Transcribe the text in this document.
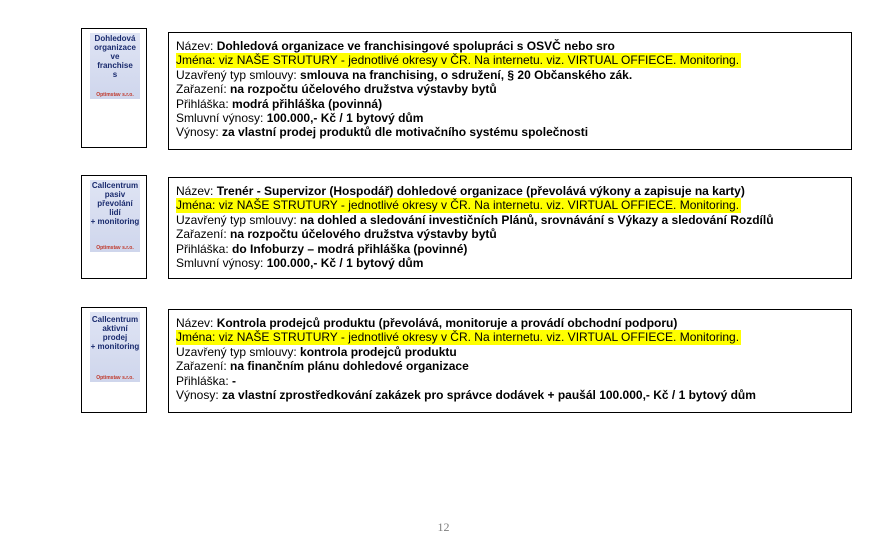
Dohledová
organizace
ve
franchise
s
Optimstav s.r.o.
Název: Dohledová organizace ve franchisingové spolupráci s OSVČ nebo sro
Jména: viz NAŠE STRUTURY - jednotlivé okresy v ČR. Na internetu. viz. VIRTUAL OFFIECE. Monitoring.
Uzavřený typ smlouvy: smlouva na franchising, o sdružení, § 20 Občanského zák.
Zařazení: na rozpočtu účelového družstva výstavby bytů
Přihláška: modrá přihláška (povinná)
Smluvní výnosy: 100.000,- Kč / 1 bytový dům
Výnosy: za vlastní prodej produktů dle motivačního systému společnosti
Callcentrum
pasiv
převolání
lidí
+ monitoring
Optimstav s.r.o.
Název: Trenér - Supervizor (Hospodář) dohledové organizace (převolává výkony a zapisuje na karty)
Jména: viz NAŠE STRUTURY - jednotlivé okresy v ČR. Na internetu. viz. VIRTUAL OFFIECE. Monitoring.
Uzavřený typ smlouvy: na dohled a sledování investičních Plánů, srovnávání s Výkazy a sledování Rozdílů
Zařazení: na rozpočtu účelového družstva výstavby bytů
Přihláška: do Infoburzy – modrá přihláška (povinné)
Smluvní výnosy: 100.000,- Kč / 1 bytový dům
Callcentrum
aktivní
prodej
+ monitoring
Optimstav s.r.o.
Název: Kontrola prodejců produktu (převolává, monitoruje a provádí obchodní podporu)
Jména: viz NAŠE STRUTURY - jednotlivé okresy v ČR. Na internetu. viz. VIRTUAL OFFIECE. Monitoring.
Uzavřený typ smlouvy: kontrola prodejců produktu
Zařazení: na finančním plánu dohledové organizace
Přihláška: -
Výnosy: za vlastní zprostředkování zakázek pro správce dodávek + paušál 100.000,- Kč / 1 bytový dům
12
